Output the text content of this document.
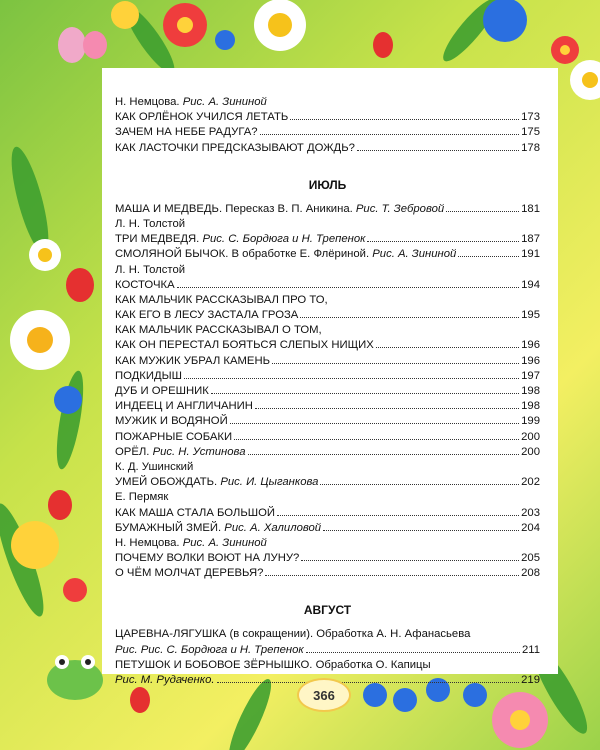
Н. Немцова. Рис. А. Зининой
КАК ОРЛЁНОК УЧИЛСЯ ЛЕТАТЬ	173
ЗАЧЕМ НА НЕБЕ РАДУГА?	175
КАК ЛАСТОЧКИ ПРЕДСКАЗЫВАЮТ ДОЖДЬ?	178
ИЮЛЬ
МАША И МЕДВЕДЬ. Пересказ В. П. Аникина. Рис. Т. Зебровой	181
Л. Н. Толстой
ТРИ МЕДВЕДЯ. Рис. С. Бордюга и Н. Трепенок	187
СМОЛЯНОЙ БЫЧОК. В обработке Е. Флёриной. Рис. А. Зининой	191
Л. Н. Толстой
КОСТОЧКА	194
КАК МАЛЬЧИК РАССКАЗЫВАЛ ПРО ТО,
КАК ЕГО В ЛЕСУ ЗАСТАЛА ГРОЗА	195
КАК МАЛЬЧИК РАССКАЗЫВАЛ О ТОМ,
КАК ОН ПЕРЕСТАЛ БОЯТЬСЯ СЛЕПЫХ НИЩИХ	196
КАК МУЖИК УБРАЛ КАМЕНЬ	196
ПОДКИДЫШ	197
ДУБ И ОРЕШНИК	198
ИНДЕЕЦ И АНГЛИЧАНИН	198
МУЖИК И ВОДЯНОЙ	199
ПОЖАРНЫЕ СОБАКИ	200
ОРЁЛ. Рис. Н. Устинова	200
К. Д. Ушинский
УМЕЙ ОБОЖДАТЬ. Рис. И. Цыганкова	202
Е. Пермяк
КАК МАША СТАЛА БОЛЬШОЙ	203
БУМАЖНЫЙ ЗМЕЙ. Рис. А. Халиловой	204
Н. Немцова. Рис. А. Зининой
ПОЧЕМУ ВОЛКИ ВОЮТ НА ЛУНУ?	205
О ЧЁМ МОЛЧАТ ДЕРЕВЬЯ?	208
АВГУСТ
ЦАРЕВНА-ЛЯГУШКА (в сокращении). Обработка А. Н. Афанасьева
Рис. Рис. С. Бордюга и Н. Трепенок	211
ПЕТУШОК И БОБОВОЕ ЗЁРНЫШКО. Обработка О. Капицы
Рис. М. Рудаченко.	219
366
